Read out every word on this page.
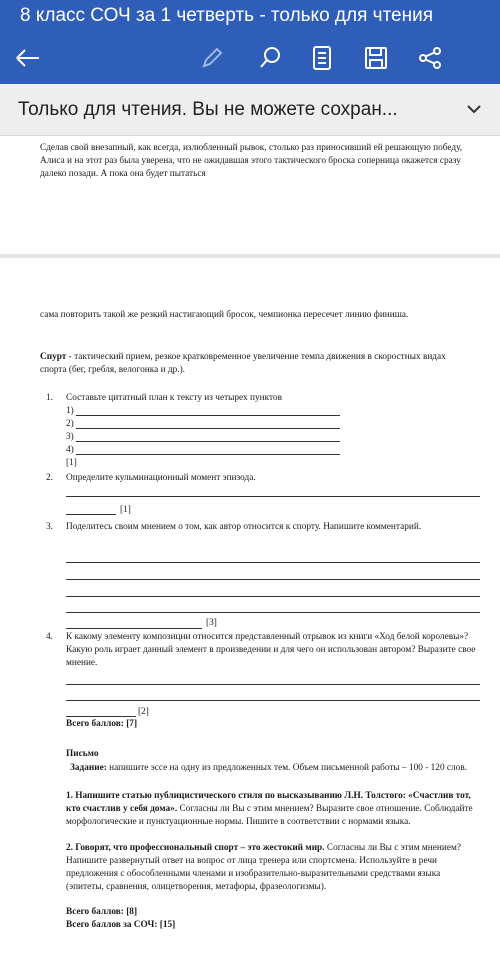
8 класс СОЧ за 1 четверть - только для чтения
Только для чтения. Вы не можете сохран...

Сделав свой внезапный, как всегда, излюбленный рывок, столько раз приносивший ей решающую победу, Алиса и на этот раз была уверена, что не ожидавшая этого тактического броска соперница окажется сразу далеко позади. А пока она будет пытаться

сама повторить такой же резкий настигающий бросок, чемпионка пересечет линию финиша.

Спурт - тактический прием, резкое кратковременное увеличение темпа движения в скоростных видах спорта (бег, гребля, велогонка и др.).

1.	Составьте цитатный план к тексту из четырех пунктов

1)
2)
3)
4)
[1]
2.	Определите кульминационный момент эпизода.

[1]
3.	Поделитесь своим мнением о том, как автор относится к спорту. Напишите комментарий.

[3]
4.	К какому элементу композиции относится представленный отрывок из книги «Ход белой королевы»? Какую роль играет данный элемент в произведении и для чего он использован автором? Выразите свое мнение.

[2]

Всего баллов: [7]

Письмо

Задание: напишите эссе на одну из предложенных тем. Объем письменной работы – 100 - 120 слов.

1. Напишите статью публицистического стиля по высказыванию Л.Н. Толстого: «Счастлив тот, кто счастлив у себя дома». Согласны ли Вы с этим мнением? Выразите свое отношение. Соблюдайте морфологические и пунктуационные нормы. Пишите в соответствии с нормами языка.

2. Говорят, что профессиональный спорт – это жестокий мир. Согласны ли Вы с этим мнением? Напишите развернутый ответ на вопрос от лица тренера или спортсмена. Используйте в речи предложения с обособленными членами и изобразительно-выразительными средствами языка (эпитеты, сравнения, олицетворения, метафоры, фразеологизмы).

Всего баллов: [8]

Всего баллов за СОЧ: [15]
